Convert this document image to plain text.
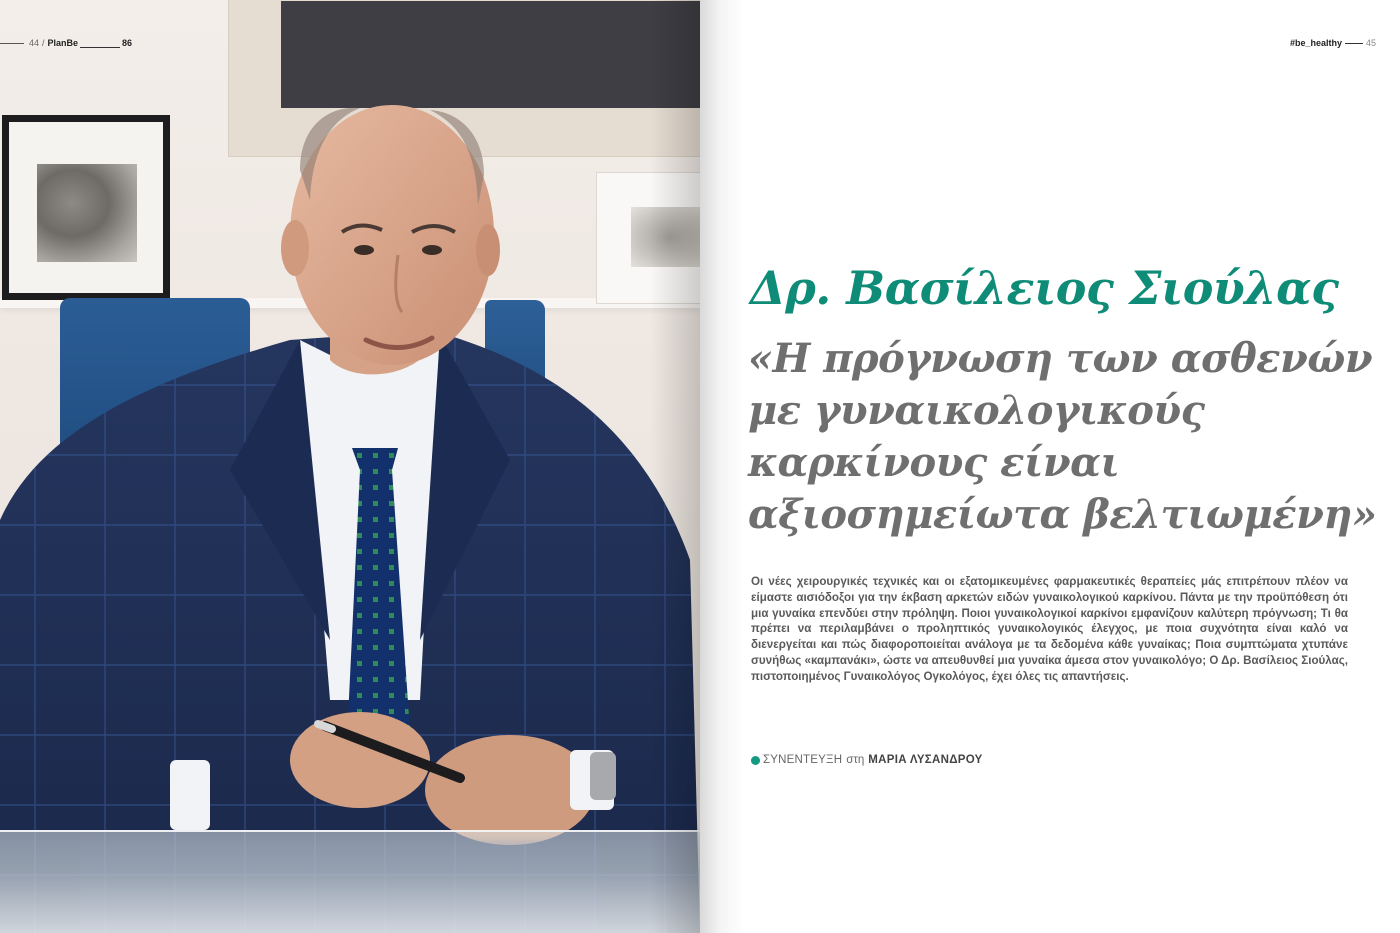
44 / PlanBe	86	#be_healthy	45
Δρ. Βασίλειος Σιούλας
«Η πρόγνωση των ασθενών
με γυναικολογικούς
καρκίνους είναι
αξιοσημείωτα βελτιωμένη»

Οι νέες χειρουργικές τεχνικές και οι εξατομικευμένες φαρμακευτικές θεραπείες μάς επιτρέπουν πλέον να είμαστε αισιόδοξοι για την έκβαση αρκετών ειδών γυναικολογικού καρκίνου. Πάντα με την προϋπόθεση ότι μια γυναίκα επενδύει στην πρόληψη. Ποιοι γυναικολογικοί καρκίνοι εμφανίζουν καλύτερη πρόγνωση; Τι θα πρέπει να περιλαμβάνει ο προληπτικός γυναικολογικός έλεγχος, με ποια συχνότητα είναι καλό να διενεργείται και πώς διαφοροποιείται ανάλογα με τα δεδομένα κάθε γυναίκας; Ποια συμπτώματα χτυπάνε συνήθως «καμπανάκι», ώστε να απευθυνθεί μια γυναίκα άμεσα στον γυναικολόγο; Ο Δρ. Βασίλειος Σιούλας, πιστοποιημένος Γυναικολόγος Ογκολόγος, έχει όλες τις απαντήσεις.

ΣΥΝΕΝΤΕΥΞΗ στη ΜΑΡΙΑ ΛΥΣΑΝΔΡΟΥ
